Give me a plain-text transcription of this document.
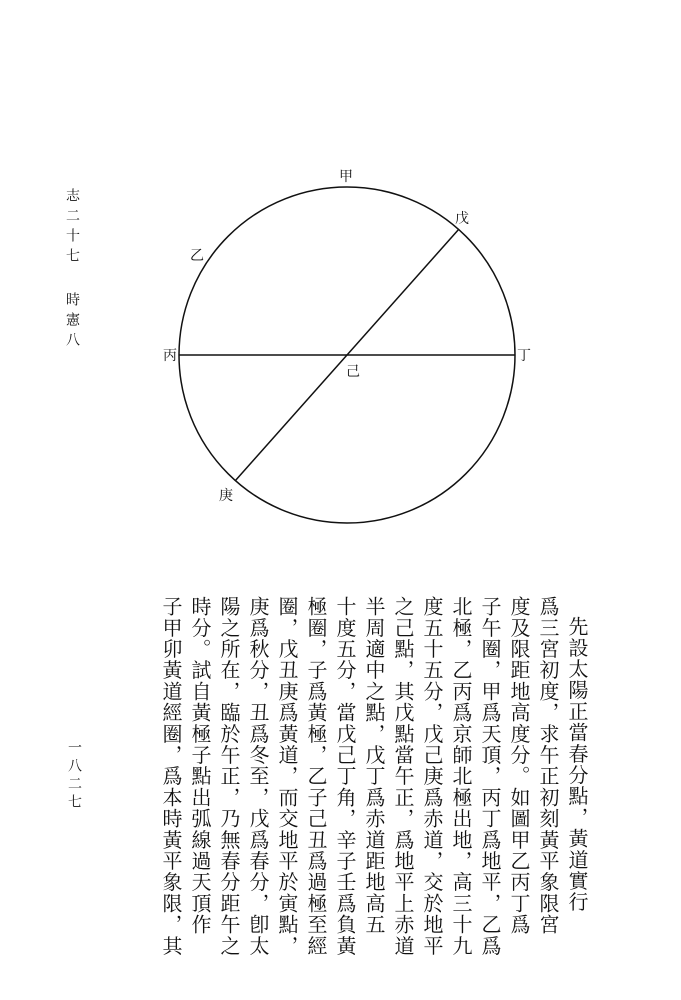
志二十七
時憲八
甲
乙
戊
丙	丁
己
庚
先設太陽正當春分點，黃道實行
爲三宮初度，求午正初刻黃平象限宮
度及限距地高度分。如圖甲乙丙丁爲
子午圈，甲爲天頂，丙丁爲地平，乙爲
北極，乙丙爲京師北極出地，高三十九
度五十五分，戊己庚爲赤道，交於地平
之己點，其戊點當午正，爲地平上赤道
半周適中之點，戊丁爲赤道距地高五
十度五分，當戊己丁角，辛子壬爲負黃
極圈，子爲黃極，乙子己丑爲過極至經
圈，戊丑庚爲黃道，而交地平於寅點，
庚爲秋分，丑爲冬至，戊爲春分，卽太
陽之所在，臨於午正，乃無春分距午之
時分。試自黃極子點出弧線過天頂作
子甲卯黃道經圈，爲本時黃平象限，其
一八二七
